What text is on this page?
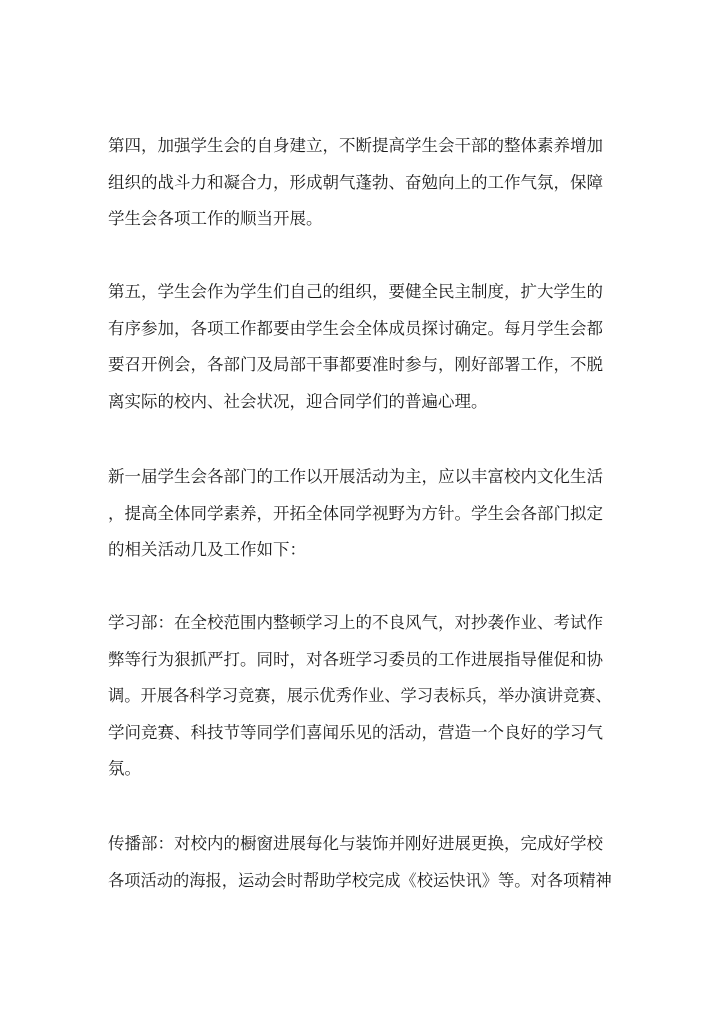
第四，加强学生会的自身建立，不断提高学生会干部的整体素养增加
组织的战斗力和凝合力，形成朝气蓬勃、奋勉向上的工作气氛，保障
学生会各项工作的顺当开展。
第五，学生会作为学生们自己的组织，要健全民主制度，扩大学生的
有序参加，各项工作都要由学生会全体成员探讨确定。每月学生会都
要召开例会，各部门及局部干事都要准时参与，刚好部署工作，不脱
离实际的校内、社会状况，迎合同学们的普遍心理。
新一届学生会各部门的工作以开展活动为主，应以丰富校内文化生活
，提高全体同学素养，开拓全体同学视野为方针。学生会各部门拟定
的相关活动几及工作如下：
学习部：在全校范围内整顿学习上的不良风气，对抄袭作业、考试作
弊等行为狠抓严打。同时，对各班学习委员的工作进展指导催促和协
调。开展各科学习竞赛，展示优秀作业、学习表标兵，举办演讲竞赛、
学问竞赛、科技节等同学们喜闻乐见的活动，营造一个良好的学习气
氛。
传播部：对校内的橱窗进展每化与装饰并刚好进展更换，完成好学校
各项活动的海报，运动会时帮助学校完成《校运快讯》等。对各项精神
